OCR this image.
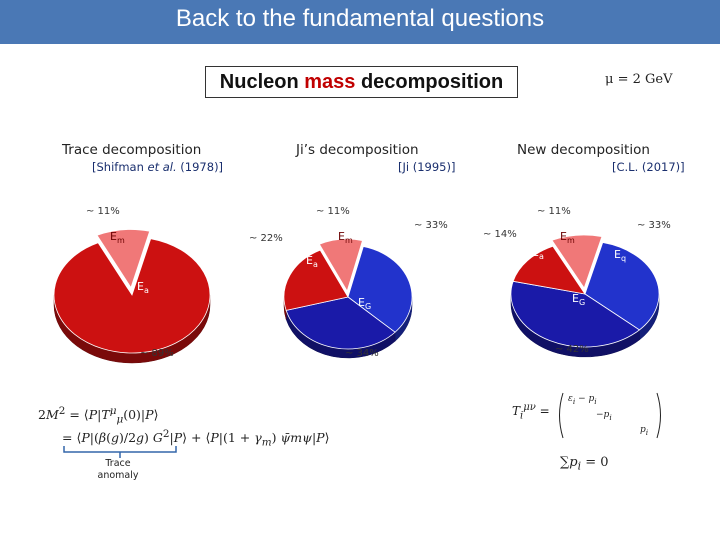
Back to the fundamental questions
Nucleon mass decomposition	μ = 2 GeV
Trace decomposition
[Shifman et al. (1978)]
Ji’s decomposition
[Ji (1995)]
New decomposition
[C.L. (2017)]
~ 11%
$E_m$
~ 89%
$E_a$
~ 11%
$E_m$
~ 33%
$E_q$
~ 34%
$E_G$
~ 22%
$E_a$
~ 11%
$E_m$
~ 33%
$E_q$
~ 42%
$E_G$
~ 14%
$E_a$
$2M^2$ = $⟨P|T^\mu_\mu(0)|P⟩$
= ⟨P|(β(g)/2g) $G^2|P⟩$ + ⟨P|(1 + $\gamma_m$) ψ̄mψ|P⟩
Trace anomaly
$T_i^{\mu\nu}$ =
$\varepsilon_i - p_i$
$-p_i$
$p_i$
$\sum p_i = 0$
